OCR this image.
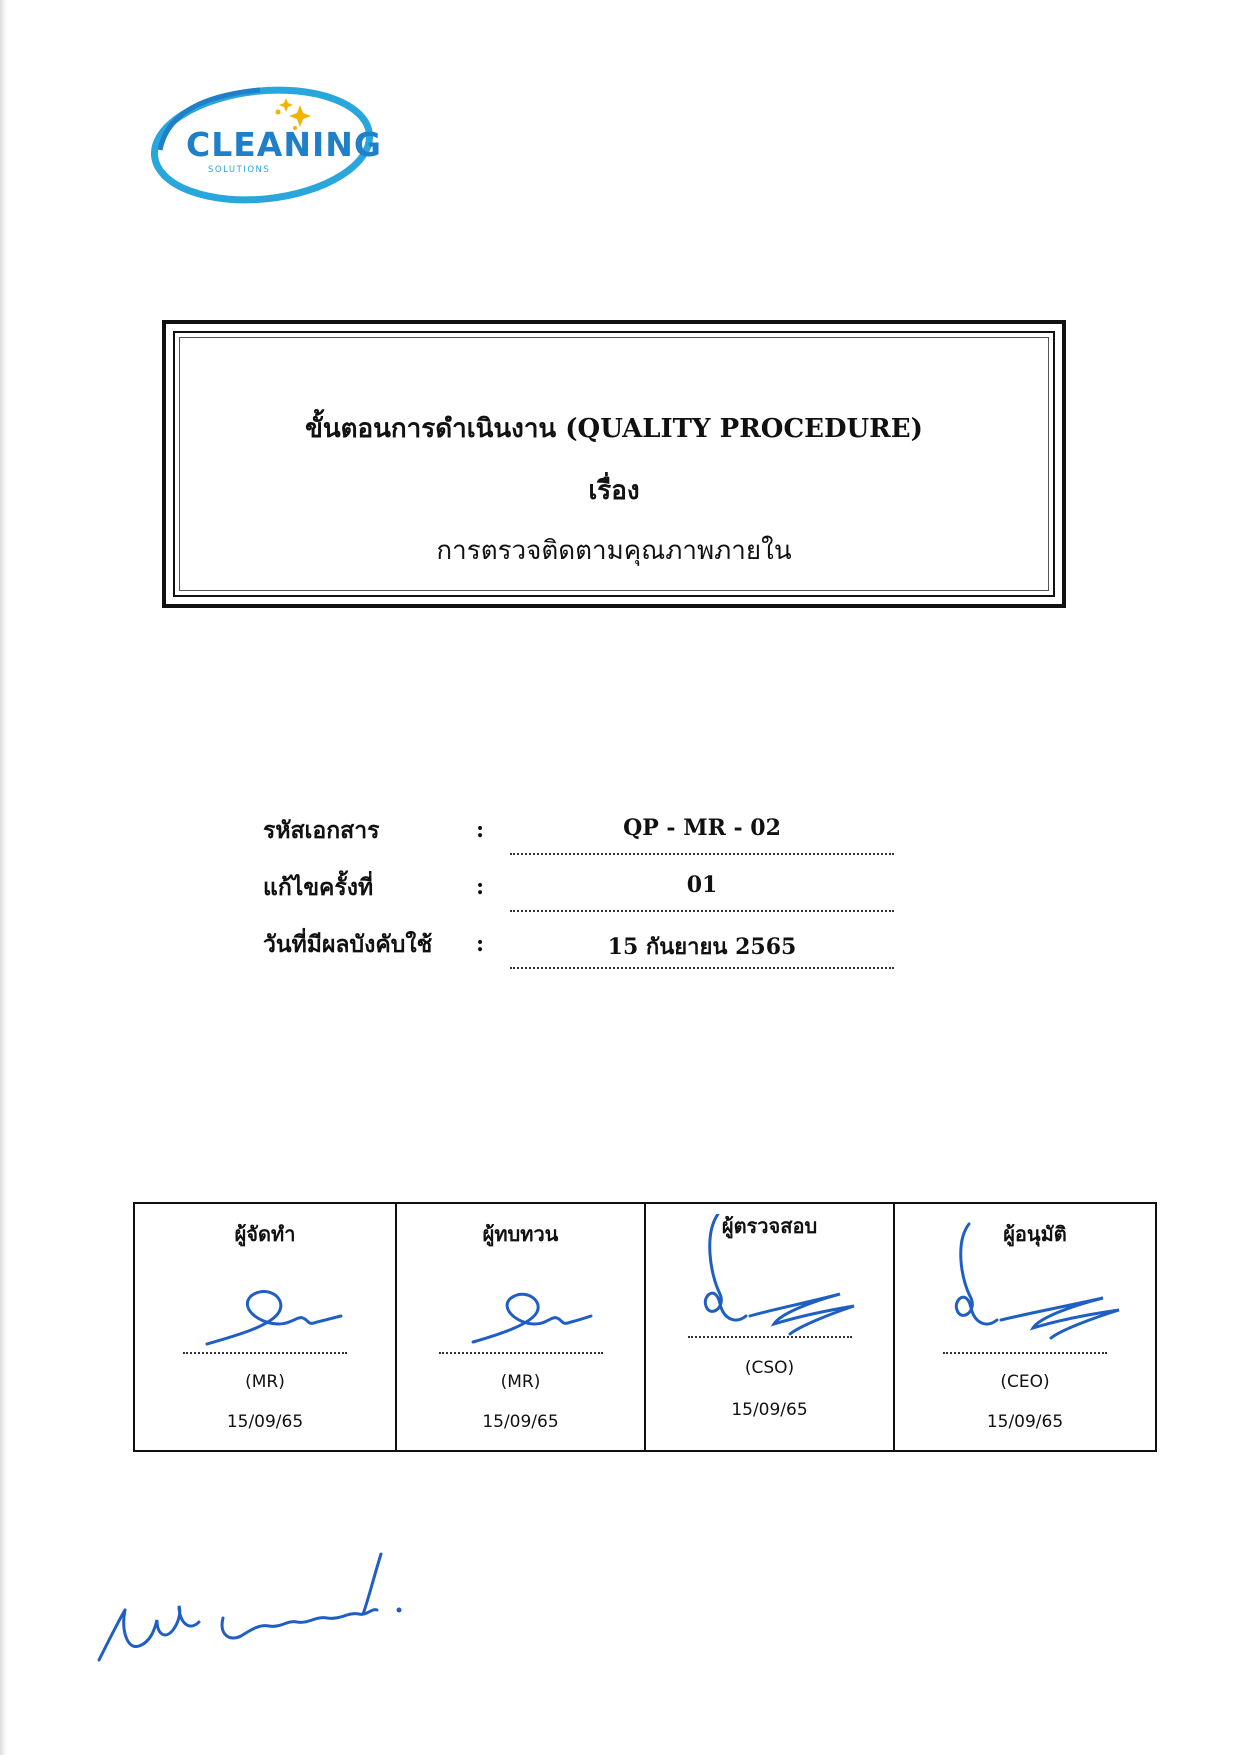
CLEANING
SOLUTIONS
ขั้นตอนการดำเนินงาน (QUALITY PROCEDURE)
เรื่อง
การตรวจติดตามคุณภาพภายใน
รหัสเอกสาร	:	QP - MR - 02
แก้ไขครั้งที่	:	01
วันที่มีผลบังคับใช้ :	15 กันยายน 2565
ผู้จัดทำ
(MR)
15/09/65
ผู้ทบทวน
(MR)
15/09/65
ผู้ตรวจสอบ
(CSO)
15/09/65
ผู้อนุมัติ
(CEO)
15/09/65
